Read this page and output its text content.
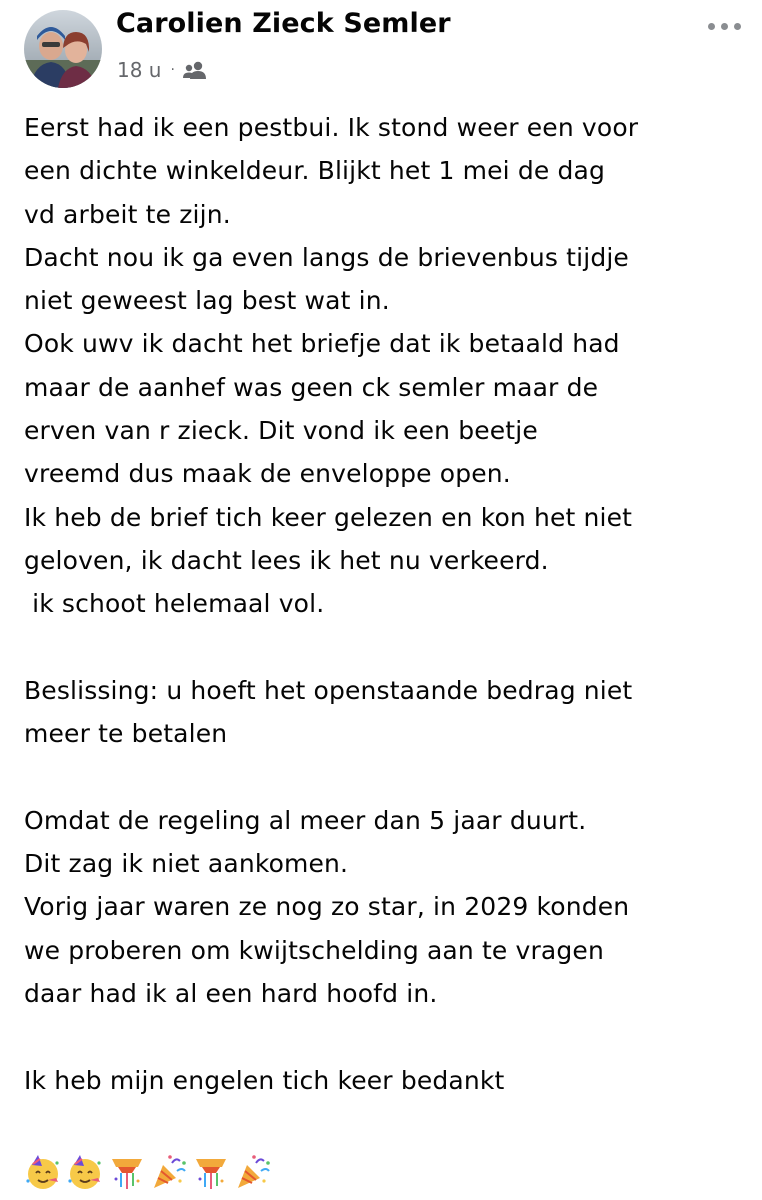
Carolien Zieck Semler
18 u ·
Eerst had ik een pestbui. Ik stond weer een voor
een dichte winkeldeur. Blijkt het 1 mei de dag
vd arbeit te zijn.
Dacht nou ik ga even langs de brievenbus tijdje
niet geweest lag best wat in.
Ook uwv ik dacht het briefje dat ik betaald had
maar de aanhef was geen ck semler maar de
erven van r zieck. Dit vond ik een beetje
vreemd dus maak de enveloppe open.
Ik heb de brief tich keer gelezen en kon het niet
geloven, ik dacht lees ik het nu verkeerd.
ik schoot helemaal vol.
Beslissing: u hoeft het openstaande bedrag niet
meer te betalen
Omdat de regeling al meer dan 5 jaar duurt.
Dit zag ik niet aankomen.
Vorig jaar waren ze nog zo star, in 2029 konden
we proberen om kwijtschelding aan te vragen
daar had ik al een hard hoofd in.
Ik heb mijn engelen tich keer bedankt
